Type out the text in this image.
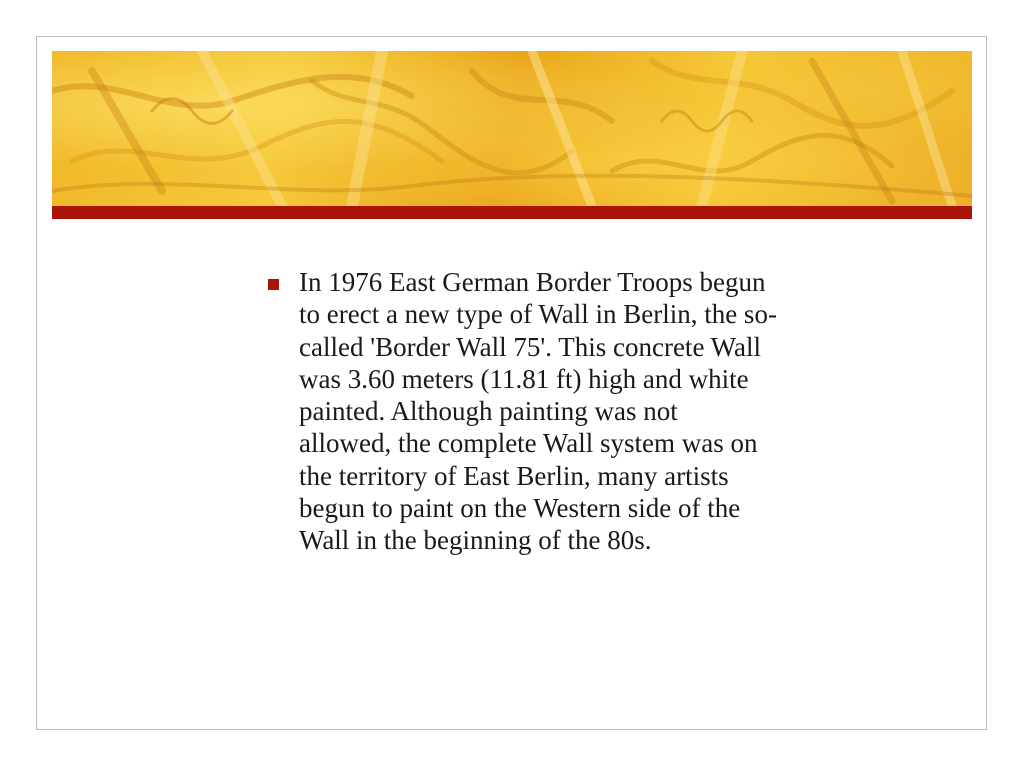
In 1976 East German Border Troops begun
to erect a new type of Wall in Berlin, the so-
called 'Border Wall 75'. This concrete Wall
was 3.60 meters (11.81 ft) high and white
painted. Although painting was not
allowed, the complete Wall system was on
the territory of East Berlin, many artists
begun to paint on the Western side of the
Wall in the beginning of the 80s.
